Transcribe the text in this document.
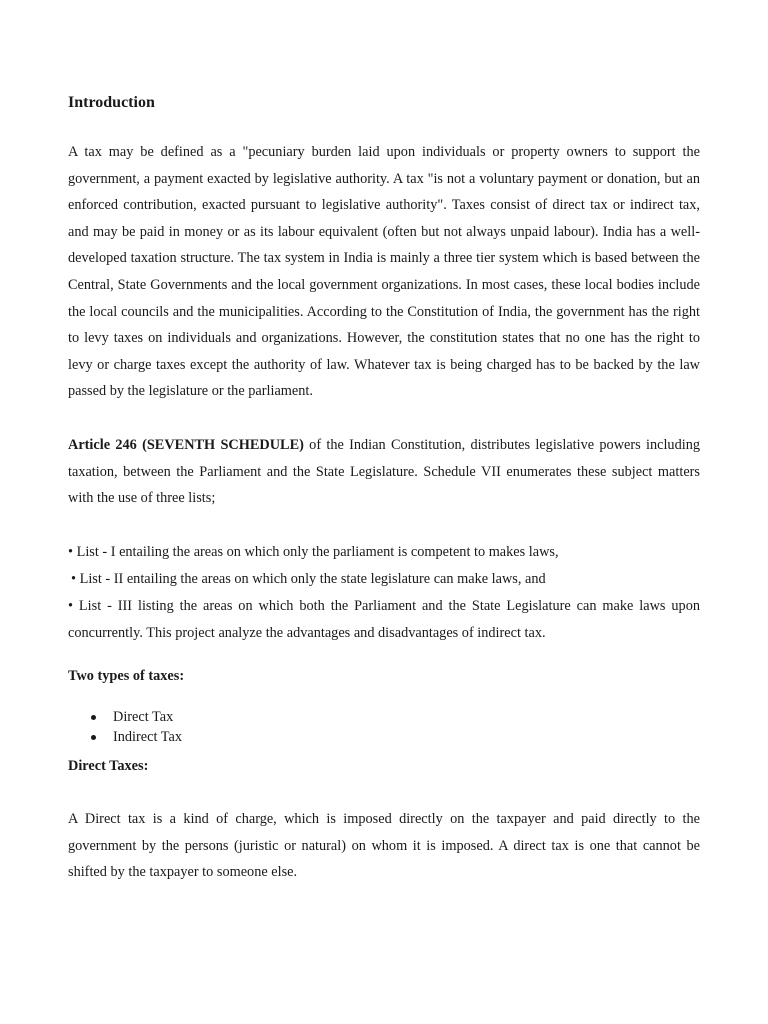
Introduction

A tax may be defined as a "pecuniary burden laid upon individuals or property owners to support the government, a payment exacted by legislative authority. A tax "is not a voluntary payment or donation, but an enforced contribution, exacted pursuant to legislative authority". Taxes consist of direct tax or indirect tax, and may be paid in money or as its labour equivalent (often but not always unpaid labour). India has a well-developed taxation structure. The tax system in India is mainly a three tier system which is based between the Central, State Governments and the local government organizations. In most cases, these local bodies include the local councils and the municipalities. According to the Constitution of India, the government has the right to levy taxes on individuals and organizations. However, the constitution states that no one has the right to levy or charge taxes except the authority of law. Whatever tax is being charged has to be backed by the law passed by the legislature or the parliament.

Article 246 (SEVENTH SCHEDULE) of the Indian Constitution, distributes legislative powers including taxation, between the Parliament and the State Legislature. Schedule VII enumerates these subject matters with the use of three lists;

• List - I entailing the areas on which only the parliament is competent to makes laws,

• List - II entailing the areas on which only the state legislature can make laws, and

• List - III listing the areas on which both the Parliament and the State Legislature can make laws upon concurrently. This project analyze the advantages and disadvantages of indirect tax.

Two types of taxes:
Direct Tax
Indirect Tax
Direct Taxes:

A Direct tax is a kind of charge, which is imposed directly on the taxpayer and paid directly to the government by the persons (juristic or natural) on whom it is imposed. A direct tax is one that cannot be shifted by the taxpayer to someone else.
